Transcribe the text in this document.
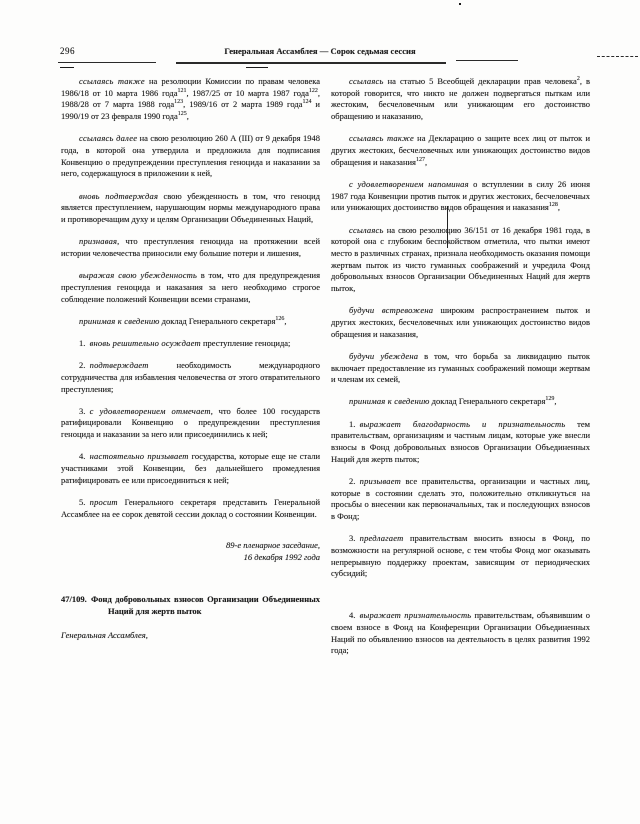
296	Генеральная Ассамблея — Сорок седьмая сессия

ссылаясь также на резолюции Комиссии по правам человека 1986/18 от 10 марта 1986 года$^{121}$, 1987/25 от 10 марта 1987 года$^{122}$, 1988/28 от 7 марта 1988 года$^{123}$, 1989/16 от 2 марта 1989 года$^{124}$ и 1990/19 от 23 февраля 1990 года$^{125}$,

ссылаясь далее на свою резолюцию 260 А (III) от 9 декабря 1948 года, в которой она утвердила и предложила для подписания Конвенцию о предупреждении преступления геноцида и наказании за него, содержащуюся в приложении к ней,

вновь подтверждая свою убежденность в том, что геноцид является преступлением, нарушающим нормы международного права и противоречащим духу и целям Организации Объединенных Наций,

признавая, что преступления геноцида на протяжении всей истории человечества приносили ему большие потери и лишения,

выражая свою убежденность в том, что для предупреждения преступления геноцида и наказания за него необходимо строгое соблюдение положений Конвенции всеми странами,

принимая к сведению доклад Генерального секретаря$^{126}$,

1. вновь решительно осуждает преступление геноцида;

2. подтверждает необходимость международного сотрудничества для избавления человечества от этого отвратительного преступления;

3. с удовлетворением отмечает, что более 100 государств ратифицировали Конвенцию о предупреждении преступления геноцида и наказании за него или присоединились к ней;

4. настоятельно призывает государства, которые еще не стали участниками этой Конвенции, без дальнейшего промедления ратифицировать ее или присоединиться к ней;

5. просит Генерального секретаря представить Генеральной Ассамблее на ее сорок девятой сессии доклад о состоянии Конвенции.

89-е пленарное заседание,
16 декабря 1992 года

47/109. Фонд добровольных взносов Организации Объединенных Наций для жертв пыток

Генеральная Ассамблея,

ссылаясь на статью 5 Всеобщей декларации прав человека$^2$, в которой говорится, что никто не должен подвергаться пыткам или жестоким, бесчеловечным или унижающим его достоинство обращению и наказанию,

ссылаясь также на Декларацию о защите всех лиц от пыток и других жестоких, бесчеловечных или унижающих достоинство видов обращения и наказания$^{127}$,

с удовлетворением напоминая о вступлении в силу 26 июня 1987 года Конвенции против пыток и других жестоких, бесчеловечных или унижающих достоинство видов обращения и наказания$^{128}$,

ссылаясь на свою резолюцию 36/151 от 16 декабря 1981 года, в которой она с глубоким беспокойством отметила, что пытки имеют место в различных странах, признала необходимость оказания помощи жертвам пыток из чисто гуманных соображений и учредила Фонд добровольных взносов Организации Объединенных Наций для жертв пыток,

будучи встревожена широким распространением пыток и других жестоких, бесчеловечных или унижающих достоинство видов обращения и наказания,

будучи убеждена в том, что борьба за ликвидацию пыток включает предоставление из гуманных соображений помощи жертвам и членам их семей,

принимая к сведению доклад Генерального секретаря$^{129}$,

1. выражает благодарность и признательность тем правительствам, организациям и частным лицам, которые уже внесли взносы в Фонд добровольных взносов Организации Объединенных Наций для жертв пыток;

2. призывает все правительства, организации и частных лиц, которые в состоянии сделать это, положительно откликнуться на просьбы о внесении как первоначальных, так и последующих взносов в Фонд;

3. предлагает правительствам вносить взносы в Фонд, по возможности на регулярной основе, с тем чтобы Фонд мог оказывать непрерывную поддержку проектам, зависящим от периодических субсидий;

4. выражает признательность правительствам, объявившим о своем взносе в Фонд на Конференции Организации Объединенных Наций по объявлению взносов на деятельность в целях развития 1992 года;
